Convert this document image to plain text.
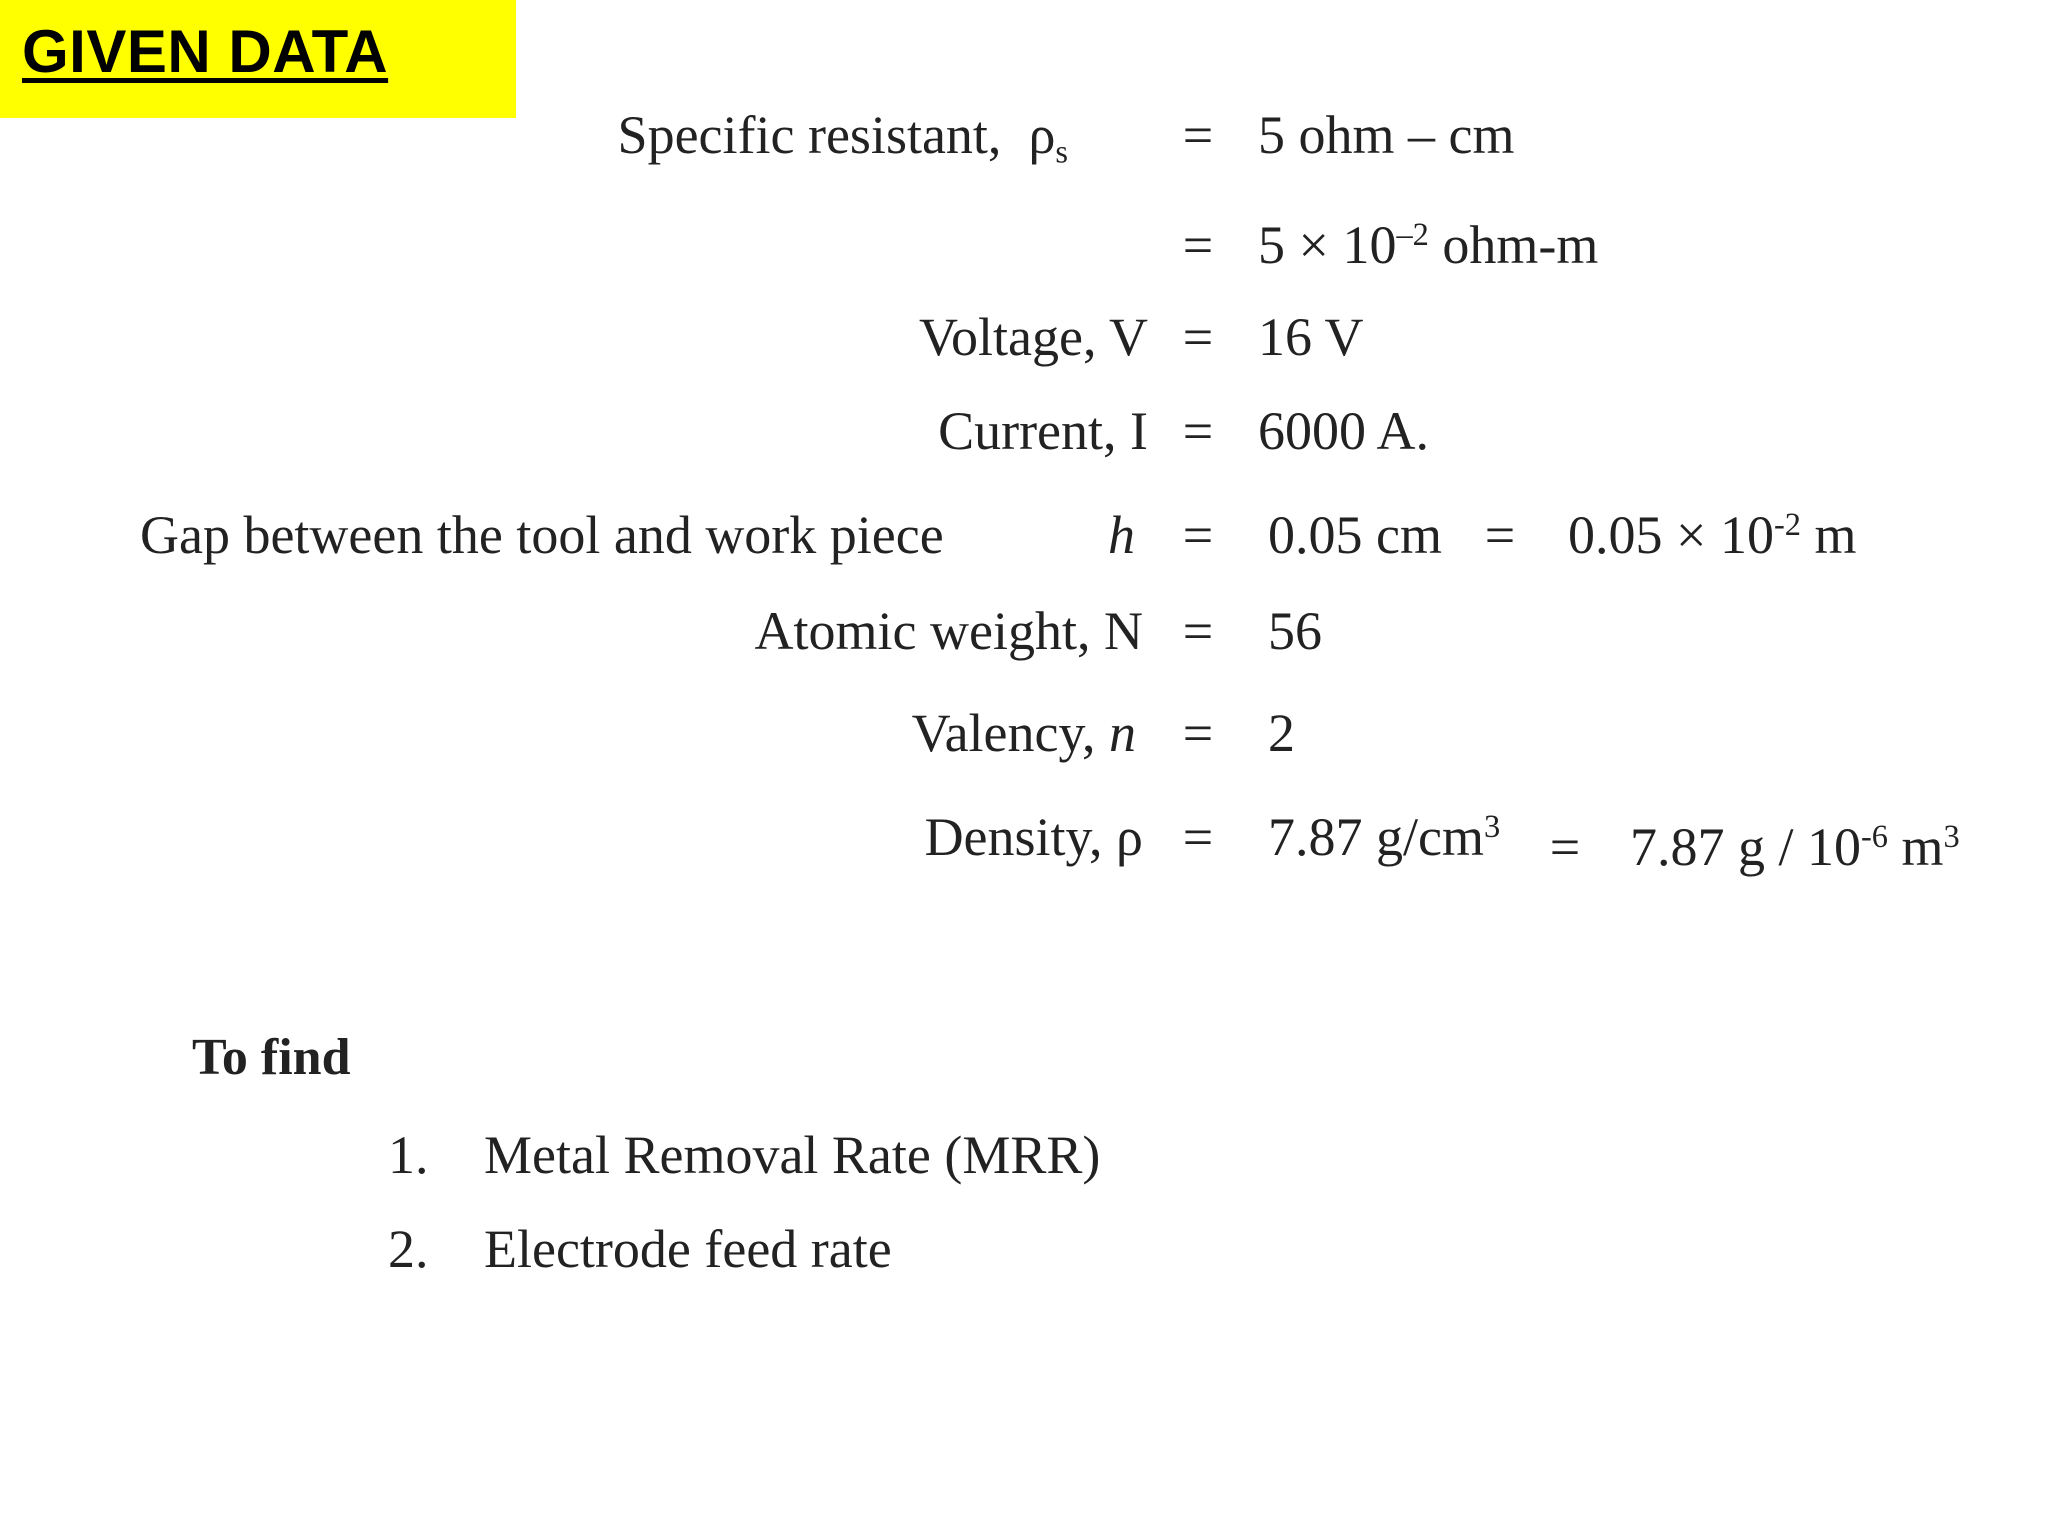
GIVEN DATA
Specific resistant, $\rho_s = 5$ ohm – cm
= $5 \times 10^{-2}$ ohm-m
Voltage, V = 16 V
Current, I = 6000 A.
Gap between the tool and work piece	h = 0.05 cm = $0.05 \times 10^{-2}$ m
Atomic weight, N = 56
Valency, n = 2
Density, ρ = 7.87 $g/cm^3 = 7.87$ g / $10^{-6}$ $m^3$
To find
1. Metal Removal Rate (MRR)
2. Electrode feed rate
